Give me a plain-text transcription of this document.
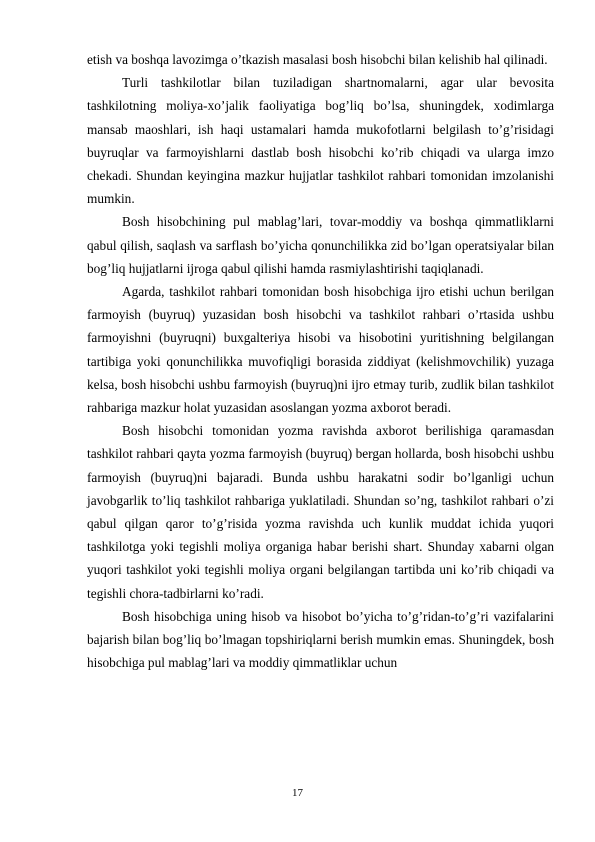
etish va boshqa lavozimga o’tkazish masalasi bosh hisobchi bilan kelishib hal qilinadi.

Turli tashkilotlar bilan tuziladigan shartnomalarni, agar ular bevosita tashkilotning moliya-xo’jalik faoliyatiga bog’liq bo’lsa, shuningdek, xodimlarga mansab maoshlari, ish haqi ustamalari hamda mukofotlarni belgilash to’g’risidagi buyruqlar va farmoyishlarni dastlab bosh hisobchi ko’rib chiqadi va ularga imzo chekadi. Shundan keyingina mazkur hujjatlar tashkilot rahbari tomonidan imzolanishi mumkin.

Bosh hisobchining pul mablag’lari, tovar-moddiy va boshqa qimmatliklarni qabul qilish, saqlash va sarflash bo’yicha qonunchilikka zid bo’lgan operatsiyalar bilan bog’liq hujjatlarni ijroga qabul qilishi hamda rasmiylashtirishi taqiqlanadi.

Agarda, tashkilot rahbari tomonidan bosh hisobchiga ijro etishi uchun berilgan farmoyish (buyruq) yuzasidan bosh hisobchi va tashkilot rahbari o’rtasida ushbu farmoyishni (buyruqni) buxgalteriya hisobi va hisobotini yuritishning belgilangan tartibiga yoki qonunchilikka muvofiqligi borasida ziddiyat (kelishmovchilik) yuzaga kelsa, bosh hisobchi ushbu farmoyish (buyruq)ni ijro etmay turib, zudlik bilan tashkilot rahbariga mazkur holat yuzasidan asoslangan yozma axborot beradi.

Bosh hisobchi tomonidan yozma ravishda axborot berilishiga qaramasdan tashkilot rahbari qayta yozma farmoyish (buyruq) bergan hollarda, bosh hisobchi ushbu farmoyish (buyruq)ni bajaradi. Bunda ushbu harakatni sodir bo’lganligi uchun javobgarlik to’liq tashkilot rahbariga yuklatiladi. Shundan so’ng, tashkilot rahbari o’zi qabul qilgan qaror to’g’risida yozma ravishda uch kunlik muddat ichida yuqori tashkilotga yoki tegishli moliya organiga habar berishi shart. Shunday xabarni olgan yuqori tashkilot yoki tegishli moliya organi belgilangan tartibda uni ko’rib chiqadi va tegishli chora-tadbirlarni ko’radi.

Bosh hisobchiga uning hisob va hisobot bo’yicha to’g’ridan-to’g’ri vazifalarini bajarish bilan bog’liq bo’lmagan topshiriqlarni berish mumkin emas. Shuningdek, bosh hisobchiga pul mablag’lari va moddiy qimmatliklar uchun

17
